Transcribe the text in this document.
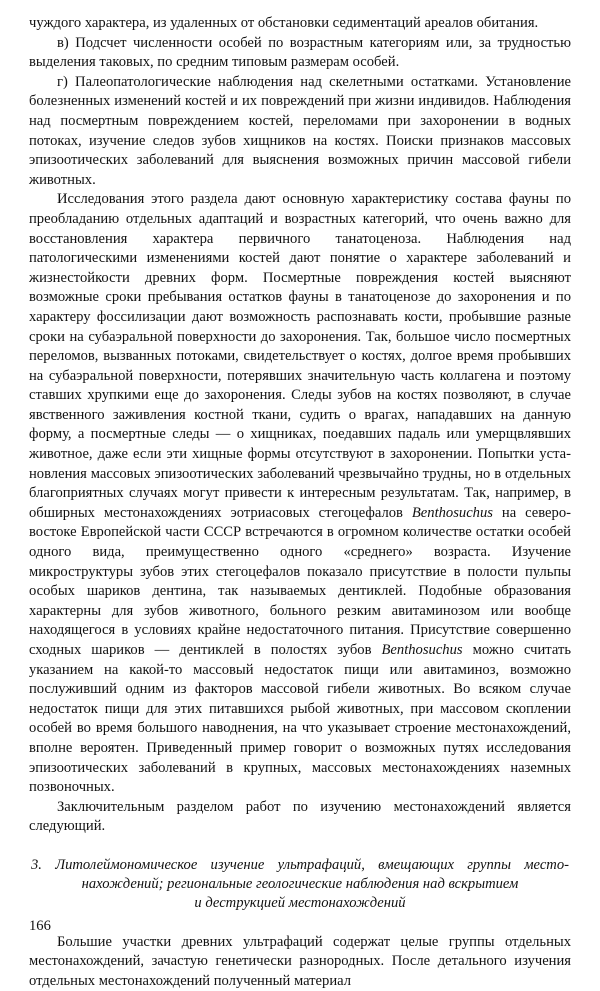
чуждого характера, из удаленных от обстановки седиментаций ареалов обитания.

в) Подсчет численности особей по возрастным категориям или, за трудностью выделения таковых, по средним типовым размерам особей.

г) Палеопатологические наблюдения над скелетными остатками. Установление болезненных изменений костей и их повреждений при жизни индивидов. Наблюдения над посмертным повреждением костей, переломами при захоронении в водных потоках, изучение следов зубов хищников на костях. Поиски признаков массовых эпизоотических заболеваний для выяснения возможных причин массовой гибели животных.

Исследования этого раздела дают основную характеристику состава фауны по преобладанию отдельных адаптаций и возрастных категорий, что очень важно для восстановления характера первичного танатоценоза. Наблюдения над патологическими изменениями костей дают понятие о характере заболеваний и жизнестойкости древних форм. Посмертные повреждения костей выясняют возможные сроки пребывания остатков фауны в танатоценозе до захоронения и по характеру фоссилизации дают возможность распознавать кости, пробывшие разные сроки на субаэральной поверхности до захоронения. Так, большое число посмертных переломов, вызванных потоками, свидетельствует о костях, долгое время пробывших на субаэральной поверхности, потерявших значительную часть коллагена и поэтому ставших хрупкими еще до захоронения. Следы зубов на костях позволяют, в случае явственного заживления костной ткани, судить о врагах, нападавших на данную форму, а посмертные следы — о хищниках, поедавших падаль или умерщвлявших животное, даже если эти хищные формы отсутствуют в захоронении. Попытки установления массовых эпизоотических заболеваний чрезвычайно трудны, но в отдельных благоприятных случаях могут привести к интересным результатам. Так, например, в обширных местонахождениях эотриасовых стегоцефалов Benthosuchus на северо-востоке Европейской части СССР встречаются в огромном количестве остатки особей одного вида, преимущественно одного «среднего» возраста. Изучение микроструктуры зубов этих стегоцефалов показало присутствие в полости пульпы особых шариков дентина, так называемых дентиклей. Подобные образования характерны для зубов животного, больного резким авитаминозом или вообще находящегося в условиях крайне недостаточного питания. Присутствие совершенно сходных шариков — дентиклей в полостях зубов Benthosuchus можно считать указанием на какой-то массовый недостаток пищи или авитаминоз, возможно послуживший одним из факторов массовой гибели животных. Во всяком случае недостаток пищи для этих питавшихся рыбой животных, при массовом скоплении особей во время большого наводнения, на что указывает строение местонахождений, вполне вероятен. Приведенный пример говорит о возможных путях исследования эпизоотических заболеваний в крупных, массовых местонахождениях наземных позвоночных.

Заключительным разделом работ по изучению местонахождений является следующий.

3. Литолеймономическое изучение ультрафаций, вмещающих группы место-
нахождений; региональные геологические наблюдения над вскрытием
и деструкцией местонахождений

Большие участки древних ультрафаций содержат целые группы отдельных местонахождений, зачастую генетически разнородных. После детального изучения отдельных местонахождений полученный материал

166
